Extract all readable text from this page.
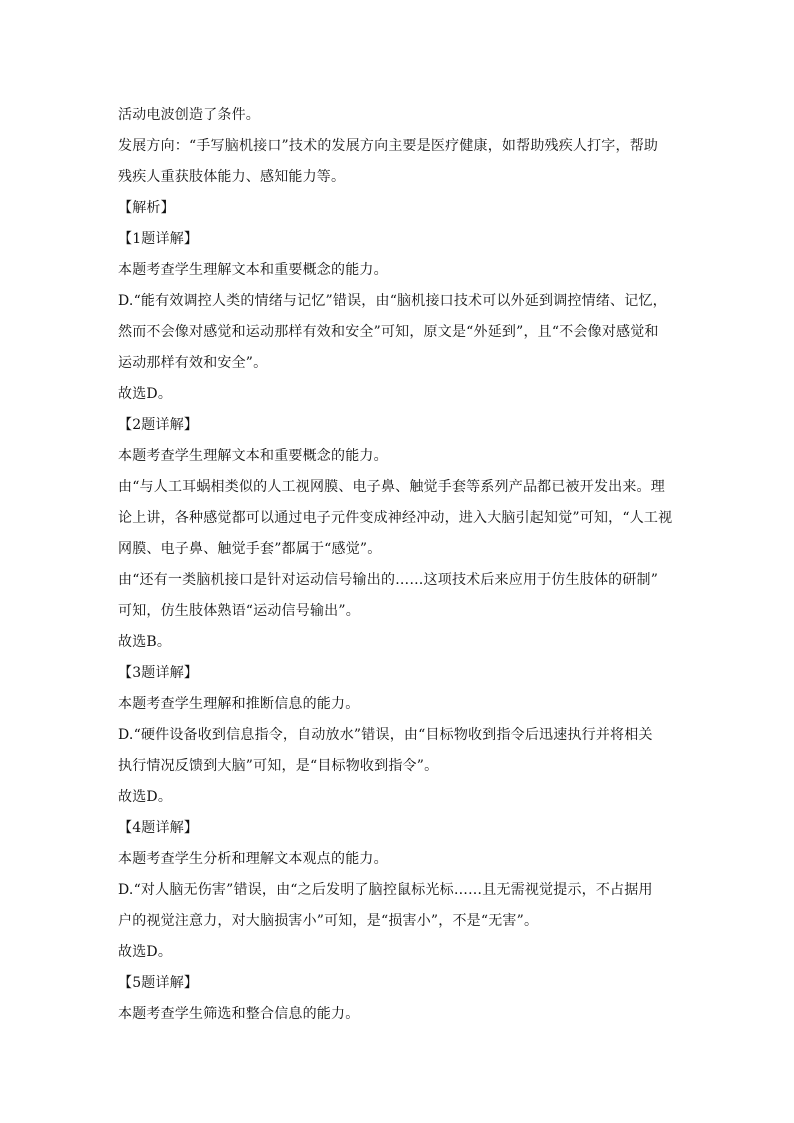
活动电波创造了条件。
发展方向：“手写脑机接口”技术的发展方向主要是医疗健康，如帮助残疾人打字，帮助
残疾人重获肢体能力、感知能力等。
【解析】
【1题详解】
本题考查学生理解文本和重要概念的能力。
D.“能有效调控人类的情绪与记忆”错误，由“脑机接口技术可以外延到调控情绪、记忆，
然而不会像对感觉和运动那样有效和安全”可知，原文是“外延到”，且“不会像对感觉和
运动那样有效和安全”。
故选D。
【2题详解】
本题考查学生理解文本和重要概念的能力。
由“与人工耳蜗相类似的人工视网膜、电子鼻、触觉手套等系列产品都已被开发出来。理
论上讲，各种感觉都可以通过电子元件变成神经冲动，进入大脑引起知觉”可知，“人工视
网膜、电子鼻、触觉手套”都属于“感觉”。
由“还有一类脑机接口是针对运动信号输出的……这项技术后来应用于仿生肢体的研制”
可知，仿生肢体熟语“运动信号输出”。
故选B。
【3题详解】
本题考查学生理解和推断信息的能力。
D.“硬件设备收到信息指令，自动放水”错误，由“目标物收到指令后迅速执行并将相关
执行情况反馈到大脑”可知，是“目标物收到指令”。
故选D。
【4题详解】
本题考查学生分析和理解文本观点的能力。
D.“对人脑无伤害”错误，由“之后发明了脑控鼠标光标……且无需视觉提示，不占据用
户的视觉注意力，对大脑损害小”可知，是“损害小”，不是“无害”。
故选D。
【5题详解】
本题考查学生筛选和整合信息的能力。
